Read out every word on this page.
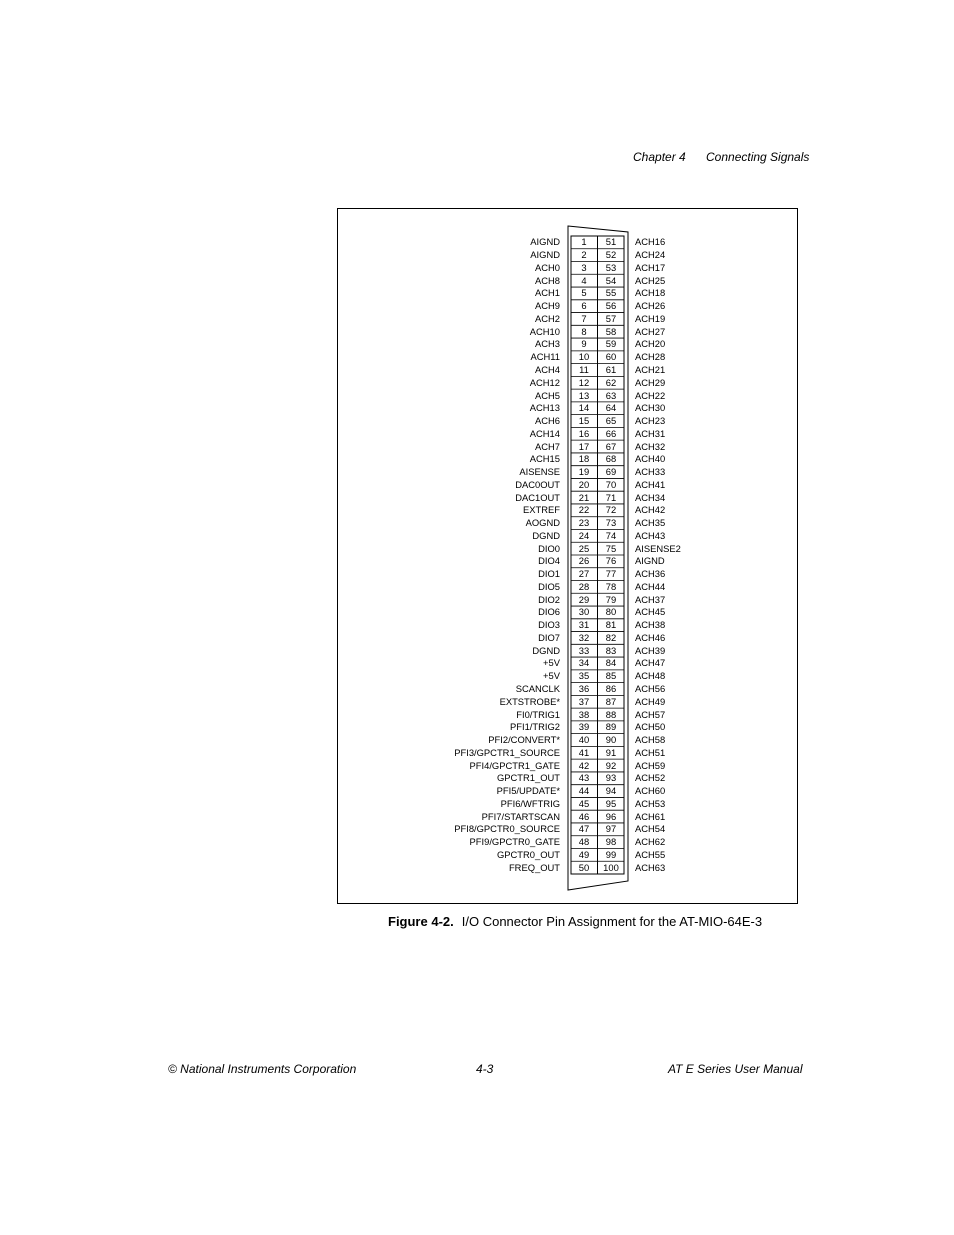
Chapter 4 Connecting Signals
AIGND	1	51	ACH16
AIGND	2	52	ACH24
ACH0	3	53	ACH17
ACH8	4	54	ACH25
ACH1	5	55	ACH18
ACH9	6	56	ACH26
ACH2	7	57	ACH19
ACH10	8	58	ACH27
ACH3	9	59	ACH20
ACH11	10	60	ACH28
ACH4	11	61	ACH21
ACH12	12	62	ACH29
ACH5	13	63	ACH22
ACH13	14	64	ACH30
ACH6	15	65	ACH23
ACH14	16	66	ACH31
ACH7	17	67	ACH32
ACH15	18	68	ACH40
AISENSE	19	69	ACH33
DAC0OUT	20	70	ACH41
DAC1OUT	21	71	ACH34
EXTREF	22	72	ACH42
AOGND	23	73	ACH35
DGND	24	74	ACH43
DIO0	25	75	AISENSE2
DIO4	26	76	AIGND
DIO1	27	77	ACH36
DIO5	28	78	ACH44
DIO2	29	79	ACH37
DIO6	30	80	ACH45
DIO3	31	81	ACH38
DIO7	32	82	ACH46
DGND	33	83	ACH39
+5V	34	84	ACH47
+5V	35	85	ACH48
SCANCLK	36	86	ACH56
EXTSTROBE*	37	87	ACH49
FI0/TRIG1	38	88	ACH57
PFI1/TRIG2	39	89	ACH50
PFI2/CONVERT*	40	90	ACH58
PFI3/GPCTR1_SOURCE	41	91	ACH51
PFI4/GPCTR1_GATE	42	92	ACH59
GPCTR1_OUT	43	93	ACH52
PFI5/UPDATE*	44	94	ACH60
PFI6/WFTRIG	45	95	ACH53
PFI7/STARTSCAN	46	96	ACH61
PFI8/GPCTR0_SOURCE	47	97	ACH54
PFI9/GPCTR0_GATE	48	98	ACH62
GPCTR0_OUT	49	99	ACH55
FREQ_OUT	50	100	ACH63
Figure 4-2. I/O Connector Pin Assignment for the AT-MIO-64E-3
© National Instruments Corporation	4-3	AT E Series User Manual
